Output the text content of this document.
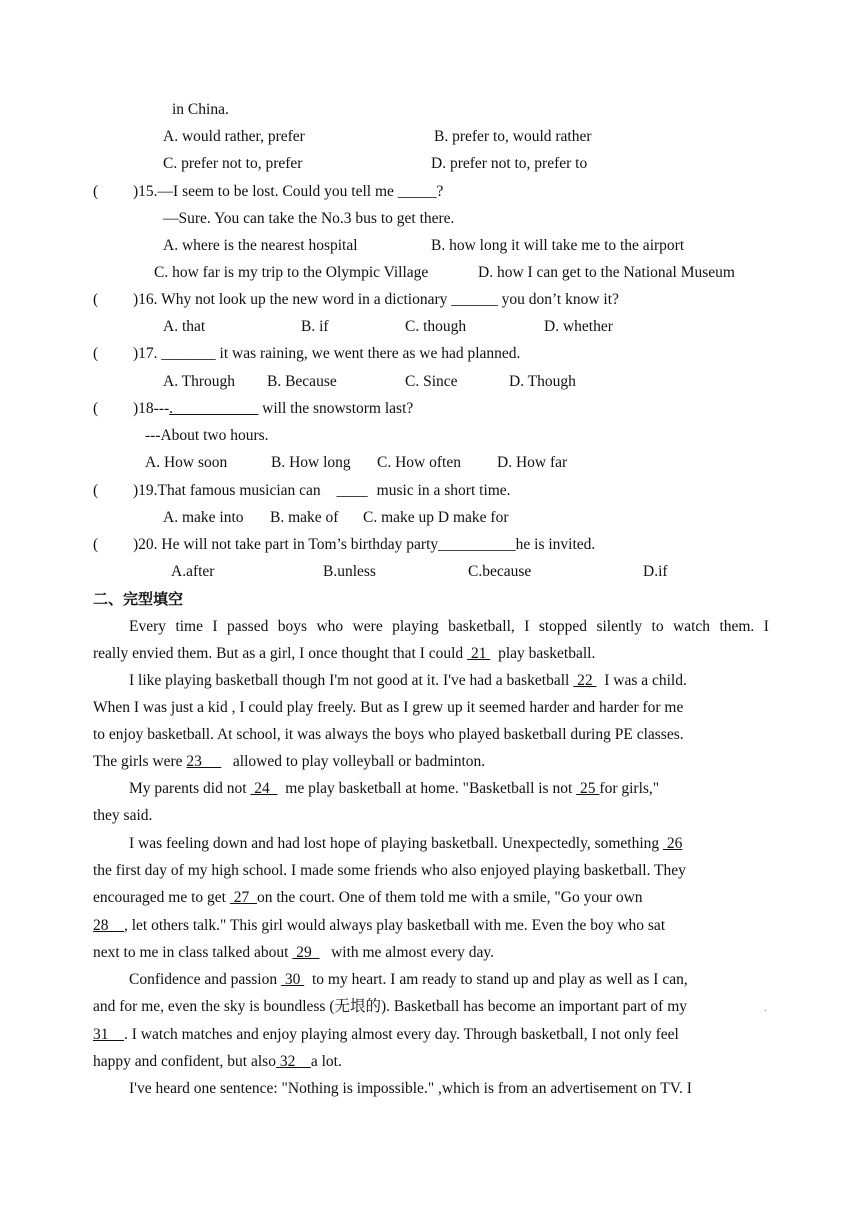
in China.
A. would rather, prefer	B. prefer to, would rather
C. prefer not to, prefer	D. prefer not to, prefer to
( )15.—I seem to be lost. Could you tell me _____?
—Sure. You can take the No.3 bus to get there.
A. where is the nearest hospital	B. how long it will take me to the airport
C. how far is my trip to the Olympic Village	D. how I can get to the National Museum
( )16. Why not look up the new word in a dictionary ______ you don’t know it?
A. that	B. if	C. though	D. whether
( )17. _______ it was raining, we went there as we had planned.
A. Through B. Because	C. Since	D. Though
( )18---.___________ will the snowstorm last?
---About two hours.
A. How soon	B. How long C. How often D. How far
( )19.That famous musician can ____ music in a short time.
A. make into B. make of C. make up D make for
( )20. He will not take part in Tom’s birthday party__________he is invited.
A.after	B.unless	C.because	D.if
二、完型填空
Every time I passed boys who were playing basketball, I stopped silently to watch them. I
really envied them. But as a girl, I once thought that I could  21   play basketball.
I like playing basketball though I'm not good at it. I've had a basketball  22   I was a child.
When I was just a kid , I could play freely. But as I grew up it seemed harder and harder for me
to enjoy basketball. At school, it was always the boys who played basketball during PE classes.
The girls were 23        allowed to play volleyball or badminton.
My parents did not  24    me play basketball at home. "Basketball is not  25 for girls,"
they said.
I was feeling down and had lost hope of playing basketball. Unexpectedly, something  26
the first day of my high school. I made some friends who also enjoyed playing basketball. They
encouraged me to get  27  on the court. One of them told me with a smile, "Go your own
28    , let others talk." This girl would always play basketball with me. Even the boy who sat
next to me in class talked about  29     with me almost every day.
Confidence and passion  30   to my heart. I am ready to stand up and play as well as I can,
and for me, even the sky is boundless (无垠的). Basketball has become an important part of my	.
31    . I watch matches and enjoy playing almost every day. Through basketball, I not only feel
happy and confident, but also 32    a lot.
I've heard one sentence: "Nothing is impossible." ,which is from an advertisement on TV. I
